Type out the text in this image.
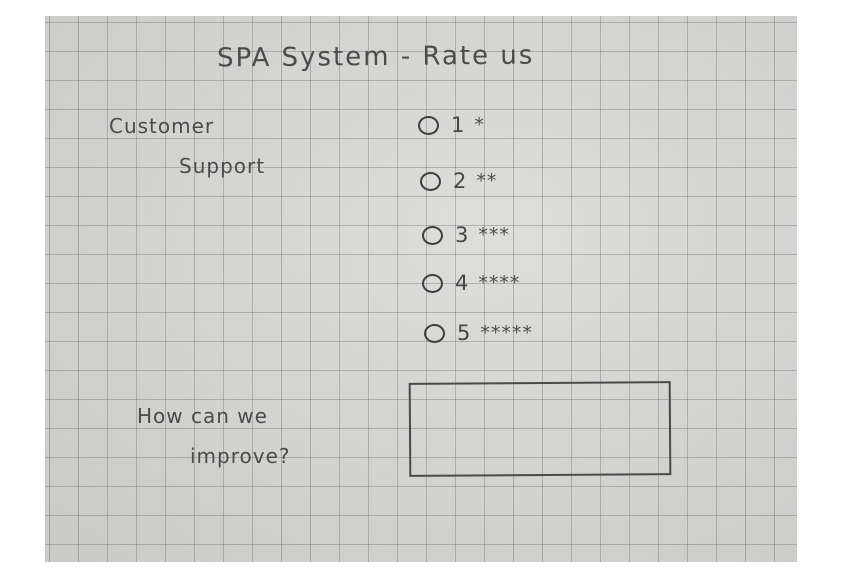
SPA System - Rate us
Customer
Support
1 *
2 **
3 ***
4 ****
5 *****
How can we
improve?
